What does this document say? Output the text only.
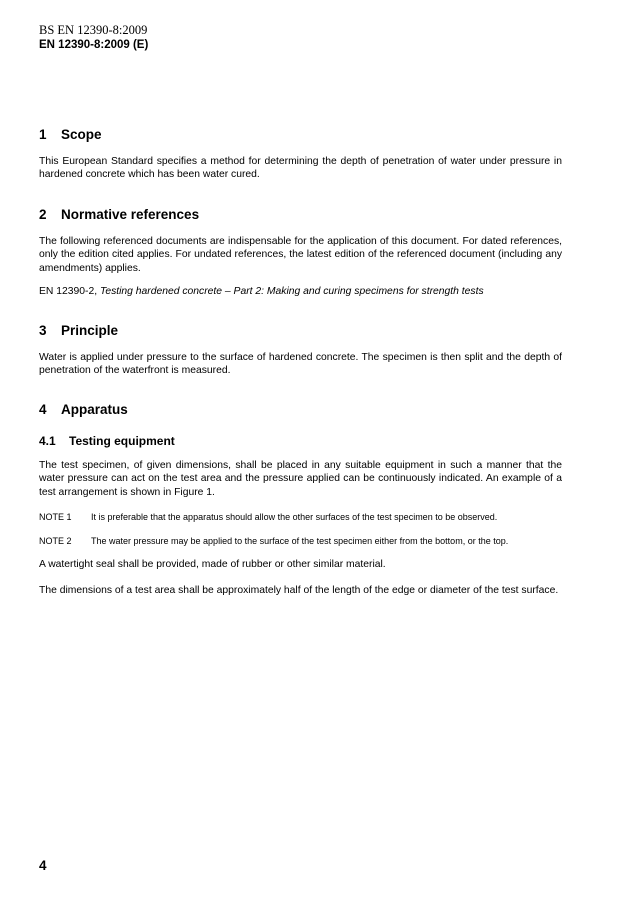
BS EN 12390-8:2009
EN 12390-8:2009 (E)
1 Scope
This European Standard specifies a method for determining the depth of penetration of water under pressure in hardened concrete which has been water cured.
2 Normative references
The following referenced documents are indispensable for the application of this document. For dated references, only the edition cited applies. For undated references, the latest edition of the referenced document (including any amendments) applies.
EN 12390-2, Testing hardened concrete – Part 2: Making and curing specimens for strength tests
3 Principle
Water is applied under pressure to the surface of hardened concrete. The specimen is then split and the depth of penetration of the waterfront is measured.
4 Apparatus
4.1 Testing equipment
The test specimen, of given dimensions, shall be placed in any suitable equipment in such a manner that the water pressure can act on the test area and the pressure applied can be continuously indicated. An example of a test arrangement is shown in Figure 1.
NOTE 1 It is preferable that the apparatus should allow the other surfaces of the test specimen to be observed.
NOTE 2 The water pressure may be applied to the surface of the test specimen either from the bottom, or the top.
A watertight seal shall be provided, made of rubber or other similar material.
The dimensions of a test area shall be approximately half of the length of the edge or diameter of the test surface.
4
